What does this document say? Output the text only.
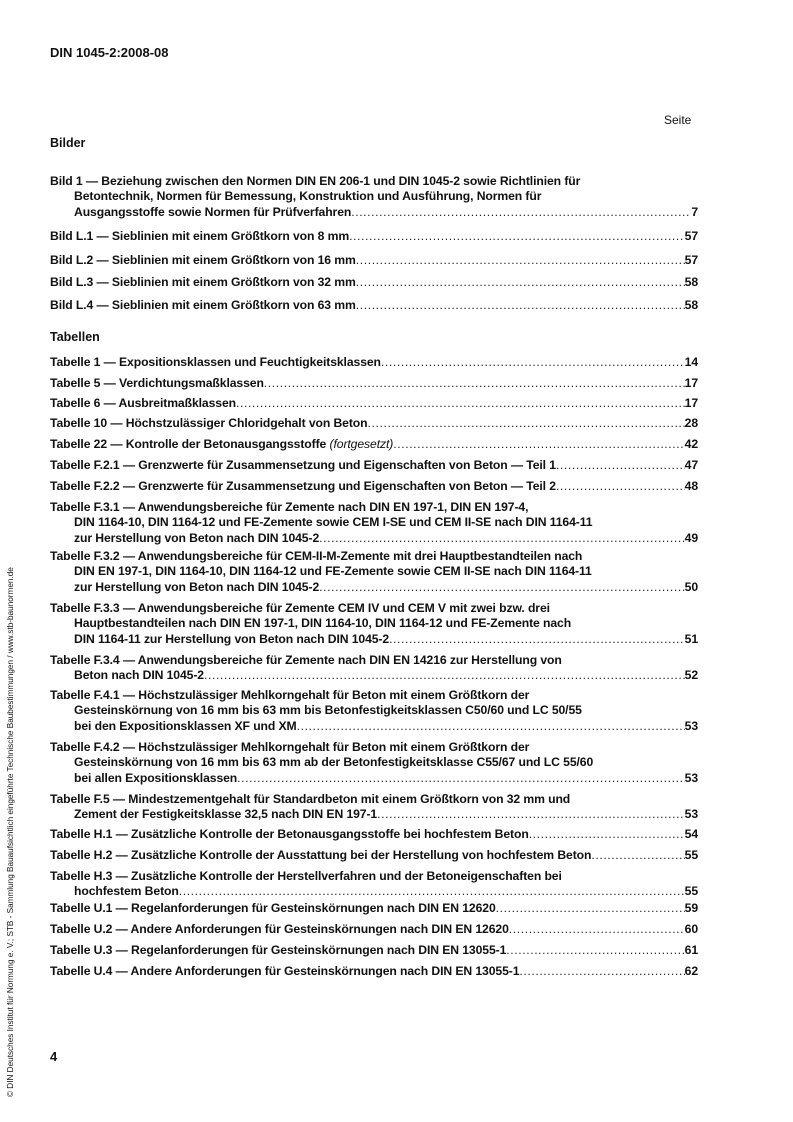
DIN 1045-2:2008-08
Seite
Bilder
Bild 1 — Beziehung zwischen den Normen DIN EN 206-1 und DIN 1045-2 sowie Richtlinien für
Betontechnik, Normen für Bemessung, Konstruktion und Ausführung, Normen für
Ausgangsstoffe sowie Normen für Prüfverfahren .....	7
Bild L.1 — Sieblinien mit einem Größtkorn von 8 mm .....	57
Bild L.2 — Sieblinien mit einem Größtkorn von 16 mm .....	57
Bild L.3 — Sieblinien mit einem Größtkorn von 32 mm .....	58
Bild L.4 — Sieblinien mit einem Größtkorn von 63 mm .....	58
Tabellen
Tabelle 1 — Expositionsklassen und Feuchtigkeitsklassen .....	14
Tabelle 5 — Verdichtungsmaßklassen .....	17
Tabelle 6 — Ausbreitmaßklassen .....	17
Tabelle 10 — Höchstzulässiger Chloridgehalt von Beton .....	28
Tabelle 22 — Kontrolle der Betonausgangsstoffe (fortgesetzt) .....	42
Tabelle F.2.1 — Grenzwerte für Zusammensetzung und Eigenschaften von Beton — Teil 1 .....	47
Tabelle F.2.2 — Grenzwerte für Zusammensetzung und Eigenschaften von Beton — Teil 2 .....	48
Tabelle F.3.1 — Anwendungsbereiche für Zemente nach DIN EN 197-1, DIN EN 197-4,
DIN 1164-10, DIN 1164-12 und FE-Zemente sowie CEM I-SE und CEM II-SE nach DIN 1164-11
zur Herstellung von Beton nach DIN 1045-2 .....	49
Tabelle F.3.2 — Anwendungsbereiche für CEM-II-M-Zemente mit drei Hauptbestandteilen nach
DIN EN 197-1, DIN 1164-10, DIN 1164-12 und FE-Zemente sowie CEM II-SE nach DIN 1164-11
zur Herstellung von Beton nach DIN 1045-2 .....	50
Tabelle F.3.3 — Anwendungsbereiche für Zemente CEM IV und CEM V mit zwei bzw. drei
Hauptbestandteilen nach DIN EN 197-1, DIN 1164-10, DIN 1164-12 und FE-Zemente nach
DIN 1164-11 zur Herstellung von Beton nach DIN 1045-2 .....	51
Tabelle F.3.4 — Anwendungsbereiche für Zemente nach DIN EN 14216 zur Herstellung von
Beton nach DIN 1045-2 .....	52
Tabelle F.4.1 — Höchstzulässiger Mehlkorngehalt für Beton mit einem Größtkorn der
Gesteinskörnung von 16 mm bis 63 mm bis Betonfestigkeitsklassen C50/60 und LC 50/55
bei den Expositionsklassen XF und XM .....	53
Tabelle F.4.2 — Höchstzulässiger Mehlkorngehalt für Beton mit einem Größtkorn der
Gesteinskörnung von 16 mm bis 63 mm ab der Betonfestigkeitsklasse C55/67 und LC 55/60
bei allen Expositionsklassen .....	53
Tabelle F.5 — Mindestzementgehalt für Standardbeton mit einem Größtkorn von 32 mm und
Zement der Festigkeitsklasse 32,5 nach DIN EN 197-1 .....	53
Tabelle H.1 — Zusätzliche Kontrolle der Betonausgangsstoffe bei hochfestem Beton .....	54
Tabelle H.2 — Zusätzliche Kontrolle der Ausstattung bei der Herstellung von hochfestem Beton .....	55
Tabelle H.3 — Zusätzliche Kontrolle der Herstellverfahren und der Betoneigenschaften bei
hochfestem Beton .....	55
Tabelle U.1 — Regelanforderungen für Gesteinskörnungen nach DIN EN 12620 .....	59
Tabelle U.2 — Andere Anforderungen für Gesteinskörnungen nach DIN EN 12620 .....	60
Tabelle U.3 — Regelanforderungen für Gesteinskörnungen nach DIN EN 13055-1 .....	61
Tabelle U.4 — Andere Anforderungen für Gesteinskörnungen nach DIN EN 13055-1 .....	62
4
© DIN Deutsches Institut für Normung e. V.; STB - Sammlung Bauaufsichtlich eingeführte Technische Baubestimmungen / www.stb-baunormen.de
